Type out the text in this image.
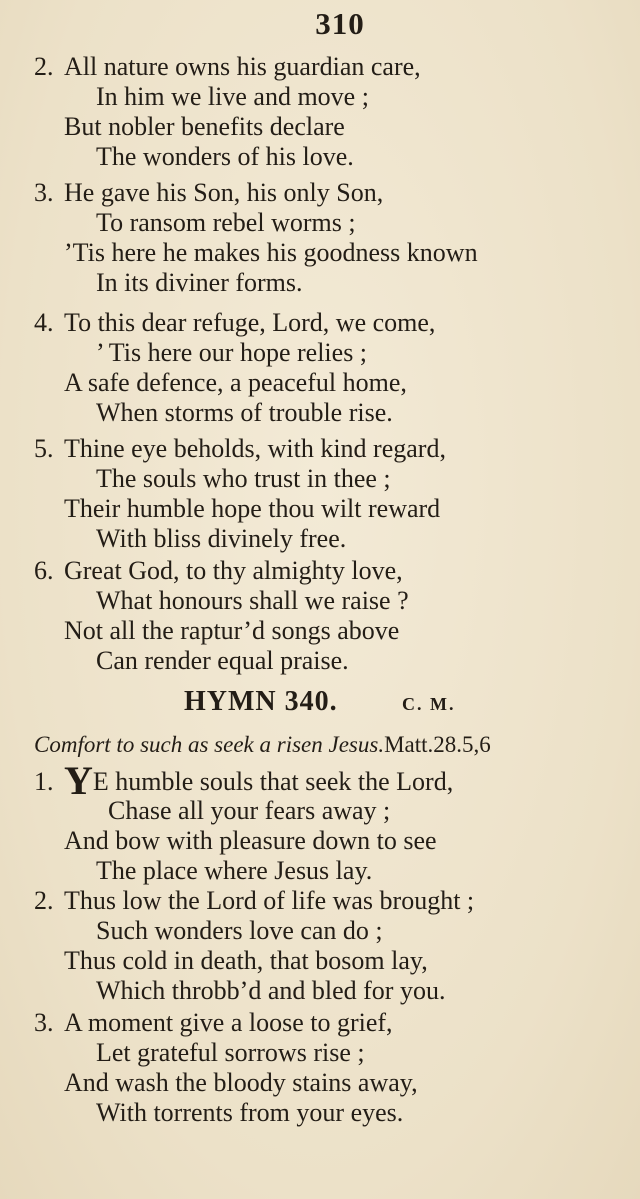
310
2. All nature owns his guardian care,
In him we live and move ;
But nobler benefits declare
The wonders of his love.
3. He gave his Son, his only Son,
To ransom rebel worms ;
’Tis here he makes his goodness known
In its diviner forms.
4. To this dear refuge, Lord, we come,
’ Tis here our hope relies ;
A safe defence, a peaceful home,
When storms of trouble rise.
5. Thine eye beholds, with kind regard,
The souls who trust in thee ;
Their humble hope thou wilt reward
With bliss divinely free.
6. Great God, to thy almighty love,
What honours shall we raise ?
Not all the raptur’d songs above
Can render equal praise.
HYMN 340.	C. M.
Comfort to such as seek a risen Jesus.Matt.28.5,6
1. YE humble souls that seek the Lord,
Chase all your fears away ;
And bow with pleasure down to see
The place where Jesus lay.
2. Thus low the Lord of life was brought ;
Such wonders love can do ;
Thus cold in death, that bosom lay,
Which throbb’d and bled for you.
3. A moment give a loose to grief,
Let grateful sorrows rise ;
And wash the bloody stains away,
With torrents from your eyes.
